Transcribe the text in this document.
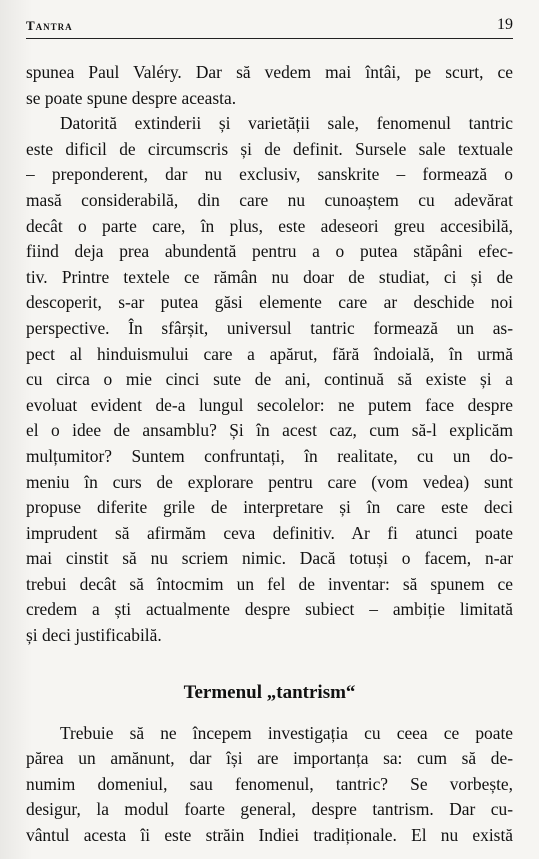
Tantra	19
spunea Paul Valéry. Dar să vedem mai întâi, pe scurt, ce
se poate spune despre aceasta.
Datorită extinderii și varietății sale, fenomenul tantric
este dificil de circumscris și de definit. Sursele sale textuale
– preponderent, dar nu exclusiv, sanskrite – formează o
masă considerabilă, din care nu cunoaștem cu adevărat
decât o parte care, în plus, este adeseori greu accesibilă,
fiind deja prea abundentă pentru a o putea stăpâni efec-
tiv. Printre textele ce rămân nu doar de studiat, ci și de
descoperit, s-ar putea găsi elemente care ar deschide noi
perspective. În sfârșit, universul tantric formează un as-
pect al hinduismului care a apărut, fără îndoială, în urmă
cu circa o mie cinci sute de ani, continuă să existe și a
evoluat evident de-a lungul secolelor: ne putem face despre
el o idee de ansamblu? Și în acest caz, cum să-l explicăm
mulțumitor? Suntem confruntați, în realitate, cu un do-
meniu în curs de explorare pentru care (vom vedea) sunt
propuse diferite grile de interpretare și în care este deci
imprudent să afirmăm ceva definitiv. Ar fi atunci poate
mai cinstit să nu scriem nimic. Dacă totuși o facem, n-ar
trebui decât să întocmim un fel de inventar: să spunem ce
credem a ști actualmente despre subiect – ambiție limitată
și deci justificabilă.
Termenul „tantrism“
Trebuie să ne începem investigația cu ceea ce poate
părea un amănunt, dar își are importanța sa: cum să de-
numim domeniul, sau fenomenul, tantric? Se vorbește,
desigur, la modul foarte general, despre tantrism. Dar cu-
vântul acesta îi este străin Indiei tradiționale. El nu există
